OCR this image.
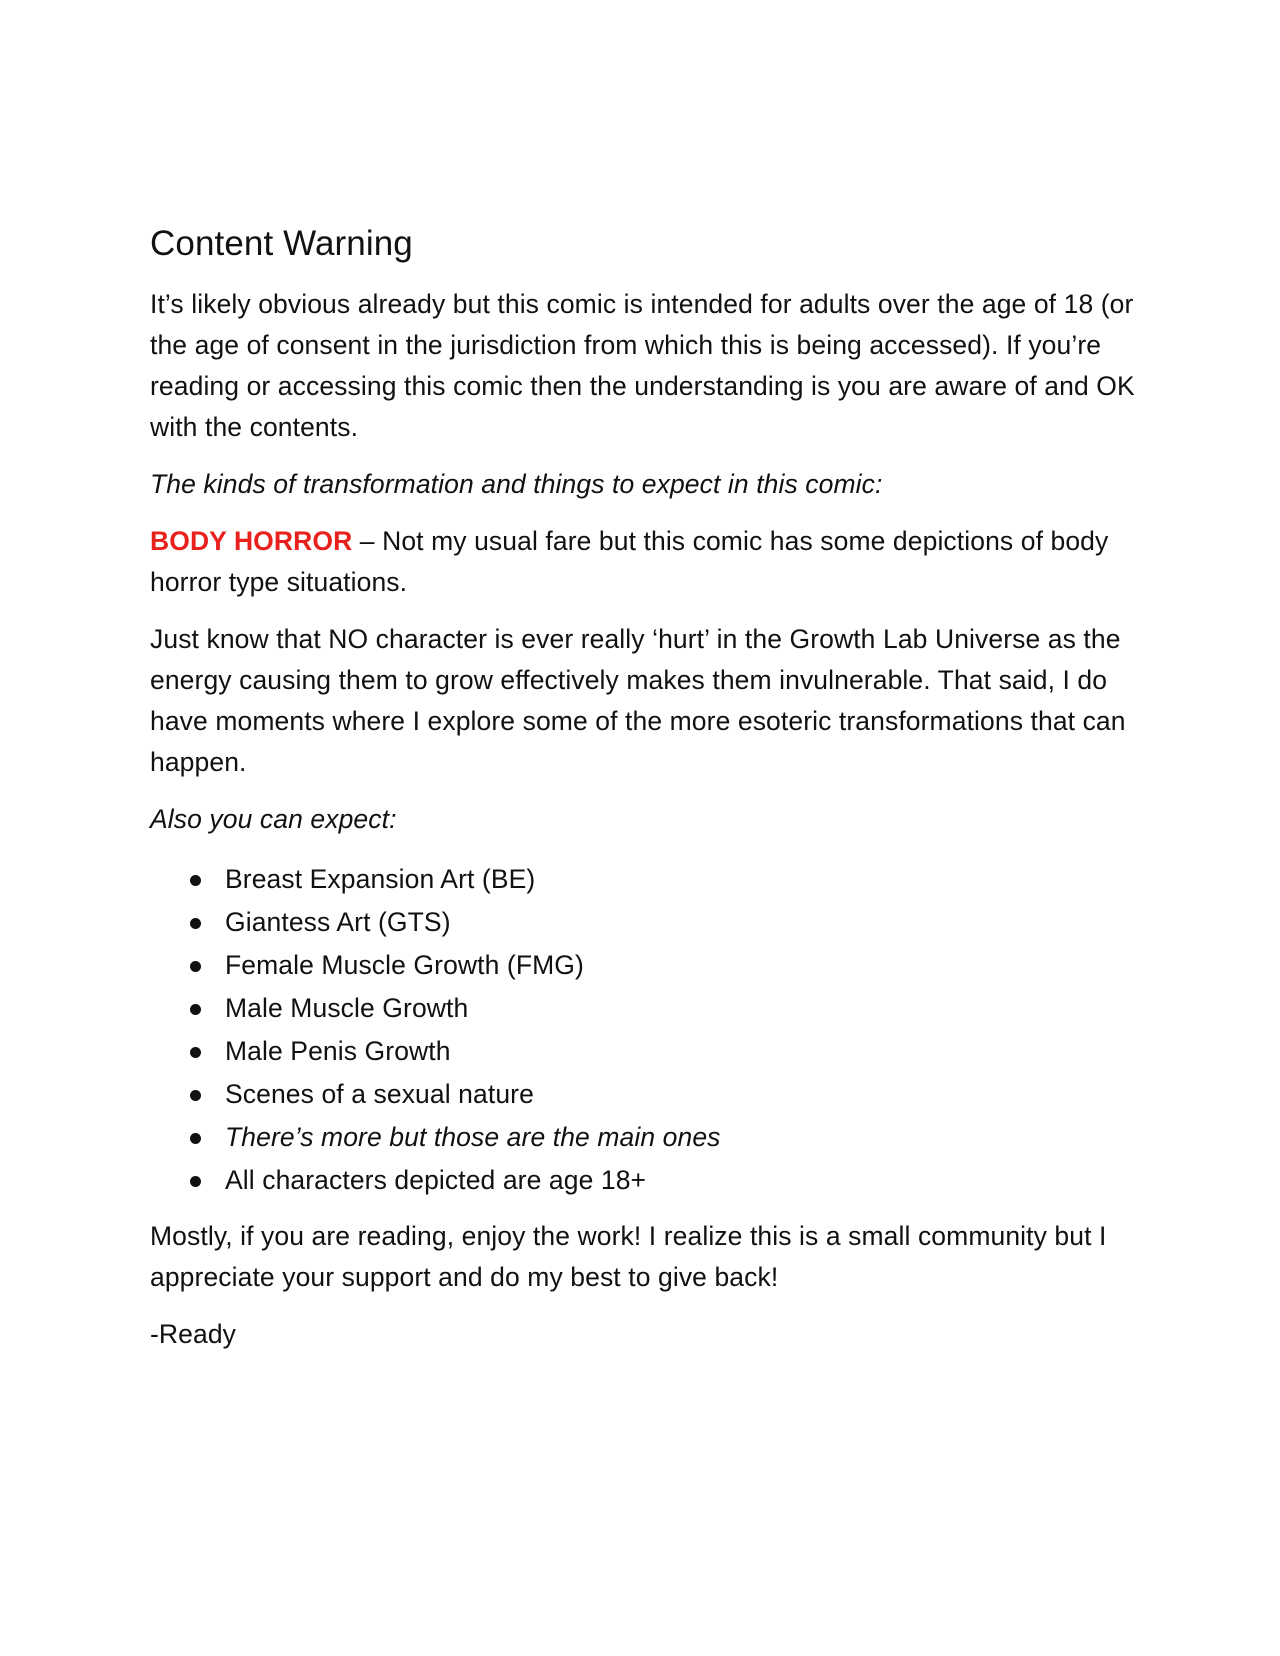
Content Warning

It’s likely obvious already but this comic is intended for adults over the age of 18 (or the age of consent in the jurisdiction from which this is being accessed). If you’re reading or accessing this comic then the understanding is you are aware of and OK with the contents.

The kinds of transformation and things to expect in this comic:

BODY HORROR – Not my usual fare but this comic has some depictions of body horror type situations.

Just know that NO character is ever really ‘hurt’ in the Growth Lab Universe as the energy causing them to grow effectively makes them invulnerable. That said, I do have moments where I explore some of the more esoteric transformations that can happen.

Also you can expect:

Breast Expansion Art (BE)
Giantess Art (GTS)
Female Muscle Growth (FMG)
Male Muscle Growth
Male Penis Growth
Scenes of a sexual nature
There’s more but those are the main ones
All characters depicted are age 18+

Mostly, if you are reading, enjoy the work! I realize this is a small community but I appreciate your support and do my best to give back!

-Ready
